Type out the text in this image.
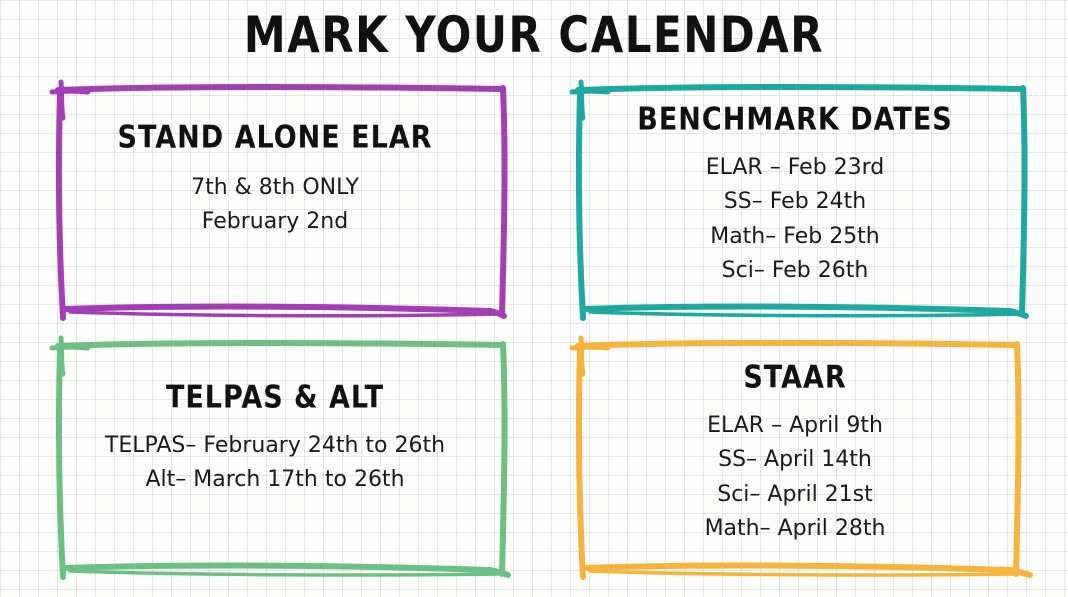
MARK YOUR CALENDAR
STAND ALONE ELAR
7th & 8th ONLY
February 2nd
BENCHMARK DATES
ELAR – Feb 23rd
SS– Feb 24th
Math– Feb 25th
Sci– Feb 26th
TELPAS & ALT
TELPAS– February 24th to 26th
Alt– March 17th to 26th
STAAR
ELAR – April 9th
SS– April 14th
Sci– April 21st
Math– April 28th
